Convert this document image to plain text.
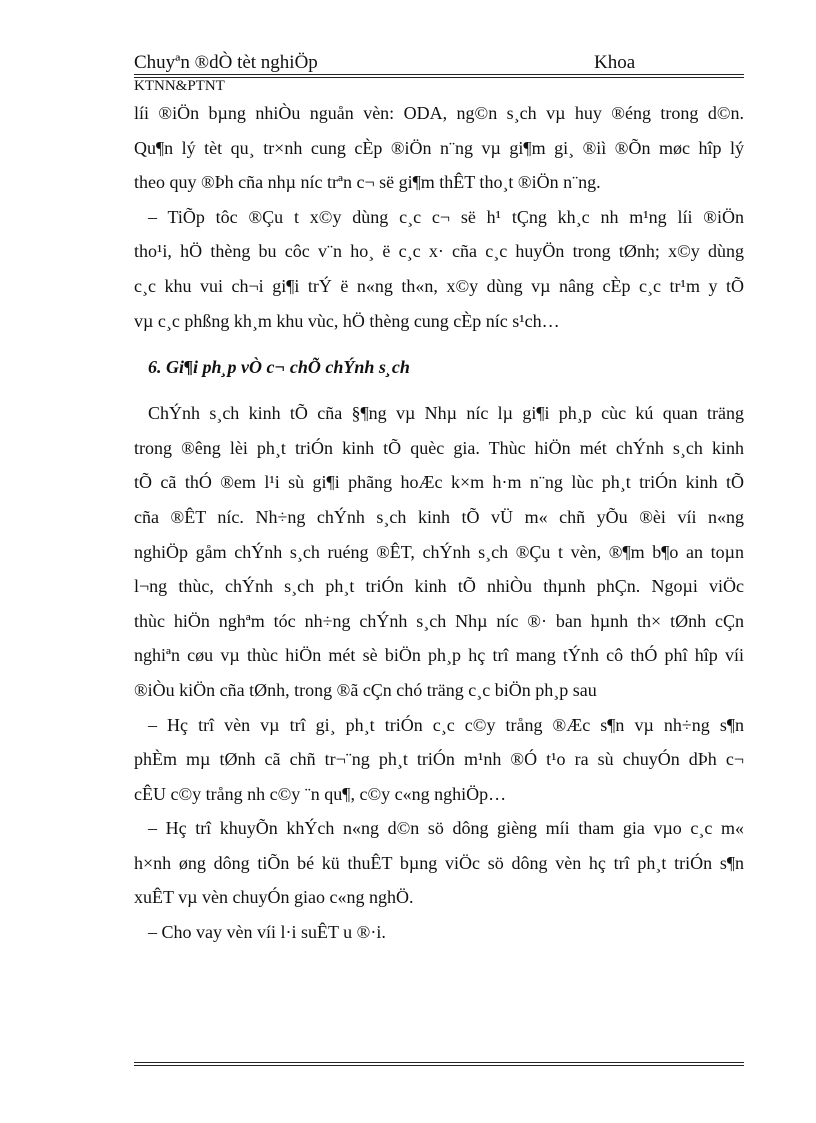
Chuyªn ®dÒ tèt nghiÖp	Khoa
KTNN&PTNT
líi ®iÖn bµng nhiÒu nguån vèn: ODA, ng©n s¸ch vµ huy ®éng trong d©n.
Qu¶n lý tèt qu¸ tr×nh cung cÈp ®iÖn n¨ng vµ gi¶m gi¸ ®iì ®Õn møc hîp lý
theo quy ®Þh cña nhµ níc trªn c¬ së gi¶m thÊT tho¸t ®iÖn n¨ng.
– TiÕp tôc ®Çu t x©y dùng c¸c c¬ së h¹ tÇng kh¸c nh m¹ng líi ®iÖn
tho¹i, hÖ thèng bu côc v¨n ho¸ ë c¸c x· cña c¸c huyÖn trong tØnh; x©y dùng
c¸c khu vui ch¬i gi¶i trÝ ë n«ng th«n, x©y dùng vµ nâng cÈp c¸c tr¹m y tÕ
vµ c¸c phßng kh¸m khu vùc, hÖ thèng cung cÈp níc s¹ch…
6. Gi¶i ph¸p vÒ c¬ chÕ chÝnh s¸ch
ChÝnh s¸ch kinh tÕ cña §¶ng vµ Nhµ níc lµ gi¶i ph¸p cùc kú quan träng
trong ®êng lèi ph¸t triÓn kinh tÕ quèc gia. Thùc hiÖn mét chÝnh s¸ch kinh
tÕ cã thÓ ®em l¹i sù gi¶i phãng hoÆc k×m h·m n¨ng lùc ph¸t triÓn kinh tÕ
cña ®ÊT níc. Nh÷ng chÝnh s¸ch kinh tÕ vÜ m« chñ yÕu ®èi víi n«ng
nghiÖp gåm chÝnh s¸ch ruéng ®ÊT, chÝnh s¸ch ®Çu t vèn, ®¶m b¶o an toµn
l¬ng thùc, chÝnh s¸ch ph¸t triÓn kinh tÕ nhiÒu thµnh phÇn. Ngoµi viÖc
thùc hiÖn nghªm tóc nh÷ng chÝnh s¸ch Nhµ níc ®· ban hµnh th× tØnh cÇn
nghiªn cøu vµ thùc hiÖn mét sè biÖn ph¸p hç trî mang tÝnh cô thÓ phî hîp víi
®iÒu kiÖn cña tØnh, trong ®ã cÇn chó träng c¸c biÖn ph¸p sau
– Hç trî vèn vµ trî gi¸ ph¸t triÓn c¸c c©y trång ®Æc s¶n vµ nh÷ng s¶n
phÈm mµ tØnh cã chñ tr¬¨ng ph¸t triÓn m¹nh ®Ó t¹o ra sù chuyÓn dÞh c¬
cÊU c©y trång nh c©y ¨n qu¶, c©y c«ng nghiÖp…
– Hç trî khuyÕn khÝch n«ng d©n sö dông gièng míi tham gia vµo c¸c m«
h×nh øng dông tiÕn bé kü thuÊT bµng viÖc sö dông vèn hç trî ph¸t triÓn s¶n
xuÊT vµ vèn chuyÓn giao c«ng nghÖ.
– Cho vay vèn víi l·i suÊT u ®·i.
